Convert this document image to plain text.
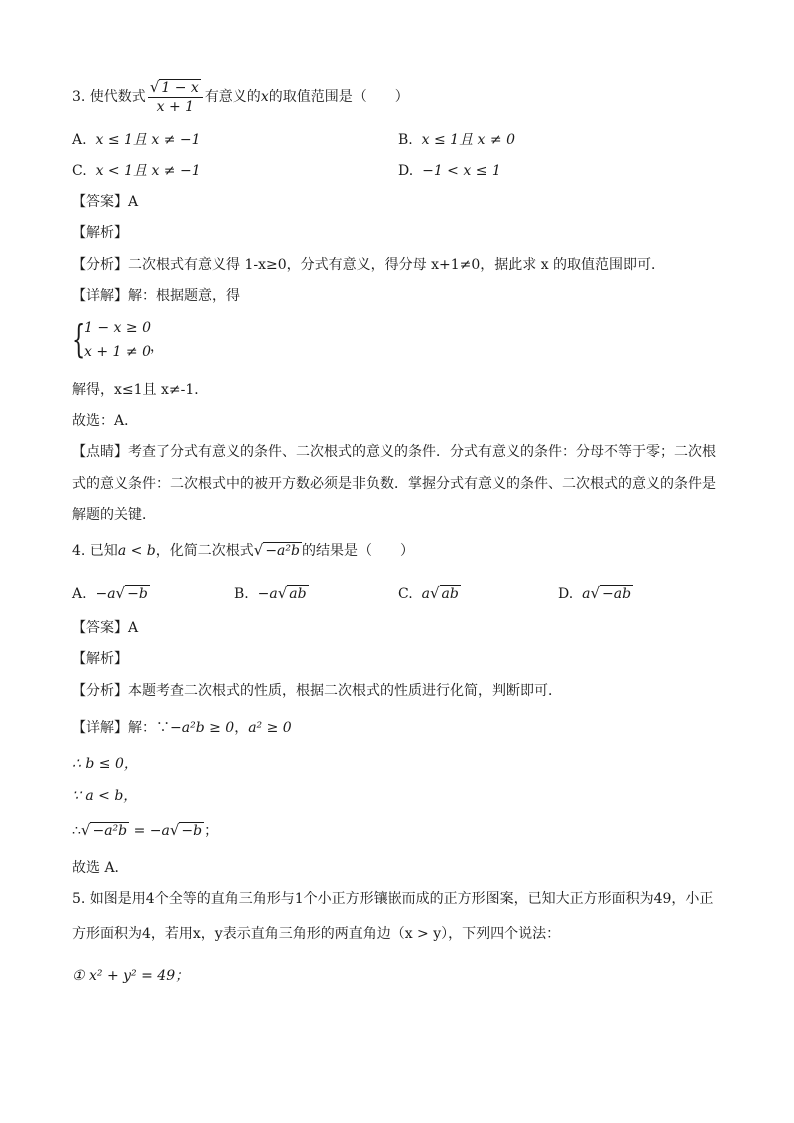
3. 使代数式 $\frac{√ 1 - x}{x + 1}$ 有意义的x的取值范围是（　　）
A. x ≤ 1且 x ≠ −1	B. x ≤ 1且 x ≠ 0
C. x < 1且 x ≠ −1	D. −1 < x ≤ 1
【答案】A
【解析】
【分析】二次根式有意义得 1-x≥0，分式有意义，得分母 x+1≠0，据此求 x 的取值范围即可．
【详解】解：根据题意，得
{
1 − x ≥ 0
x + 1 ≠ 0 ，
解得，x≤1且 x≠-1．
故选：A．
【点睛】考查了分式有意义的条件、二次根式的意义的条件．分式有意义的条件：分母不等于零；二次根
式的意义条件：二次根式中的被开方数必须是非负数．掌握分式有意义的条件、二次根式的意义的条件是
解题的关键．
4. 已知a < b，化简二次根式√ −a²b 的结果是（　　）
A. −a√ −b	B. −a√ ab	C. a√ ab	D. a√ −ab
【答案】A
【解析】
【分析】本题考查二次根式的性质，根据二次根式的性质进行化简，判断即可．
【详解】解：∵−a²b ≥ 0，a² ≥ 0
∴ b ≤ 0，
∵ a < b，
∴√ −a²b = −a√ −b ；
故选 A．
5. 如图是用4个全等的直角三角形与1个小正方形镶嵌而成的正方形图案，已知大正方形面积为49，小正
方形面积为4，若用x，y表示直角三角形的两直角边（x > y），下列四个说法：
① x² + y² = 49；
